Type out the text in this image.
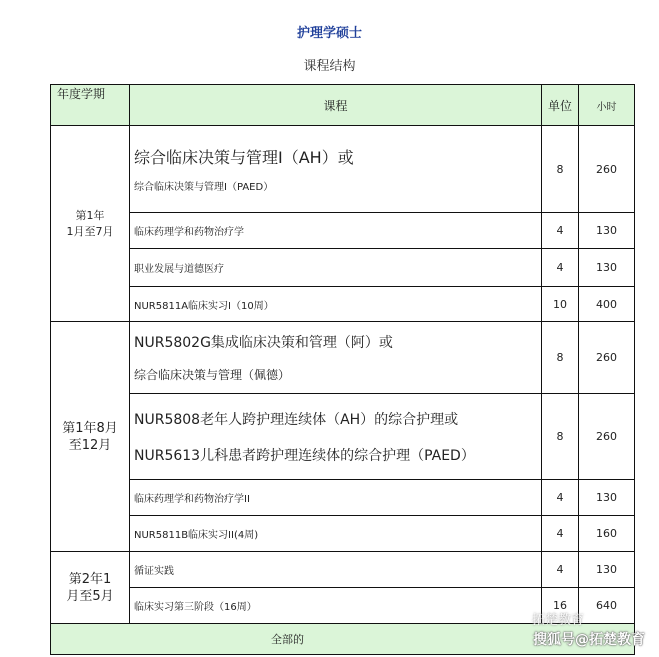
护理学硕士
课程结构
年度学期	课程	单位	小时

第1年
1月至7月	综合临床决策与管理I（AH）或
综合临床决策与管理I（PAED）	8	260
	临床药理学和药物治疗学	4	130
	职业发展与道德医疗	4	130
	NUR5811A临床实习I（10周）	10	400

第1年8月
至12月	NUR5802G集成临床决策和管理（阿）或
综合临床决策与管理（佩德）	8	260

	NUR5808老年人跨护理连续体（AH）的综合护理或
NUR5613儿科患者跨护理连续体的综合护理（PAED）	8	260
	临床药理学和药物治疗学II	4	130
	NUR5811B临床实习II(4周)	4	160

第2年1
月至5月	循证实践	4	130
	临床实习第三阶段（16周）	16	640
全部的			
拓楚教育
搜狐号@拓楚教育
